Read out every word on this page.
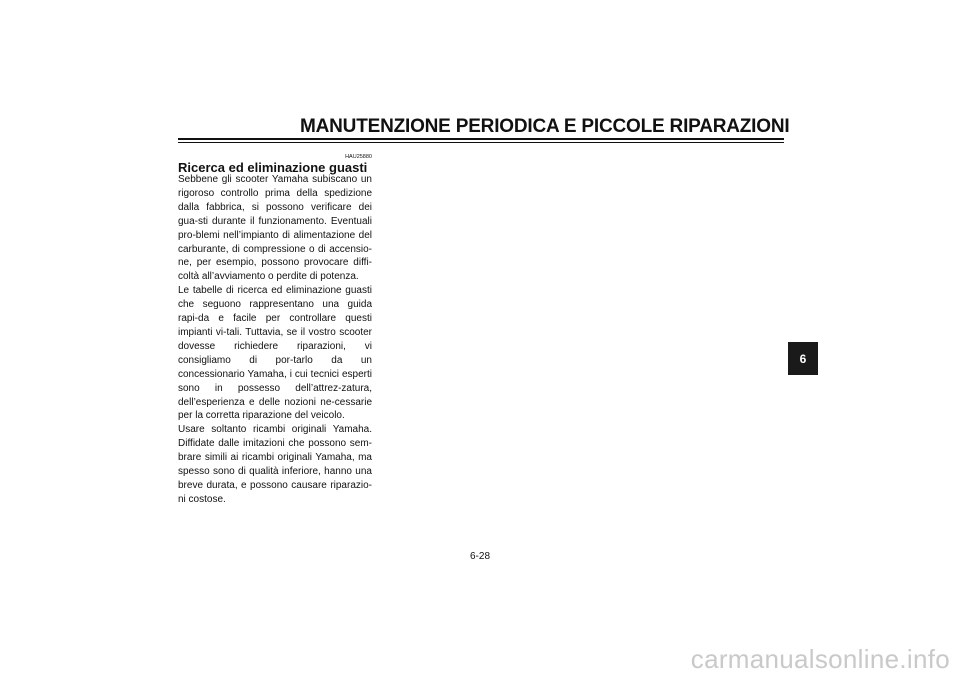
MANUTENZIONE PERIODICA E PICCOLE RIPARAZIONI
HAU25880
Ricerca ed eliminazione guasti

Sebbene gli scooter Yamaha subiscano un rigoroso controllo prima della spedizione dalla fabbrica, si possono verificare dei gua-sti durante il funzionamento. Eventuali pro-blemi nell’impianto di alimentazione del carburante, di compressione o di accensio-ne, per esempio, possono provocare diffi-coltà all’avviamento o perdite di potenza.

Le tabelle di ricerca ed eliminazione guasti che seguono rappresentano una guida rapi-da e facile per controllare questi impianti vi-tali. Tuttavia, se il vostro scooter dovesse richiedere riparazioni, vi consigliamo di por-tarlo da un concessionario Yamaha, i cui tecnici esperti sono in possesso dell’attrez-zatura, dell’esperienza e delle nozioni ne-cessarie per la corretta riparazione del veicolo.

Usare soltanto ricambi originali Yamaha. Diffidate dalle imitazioni che possono sem-brare simili ai ricambi originali Yamaha, ma spesso sono di qualità inferiore, hanno una breve durata, e possono causare riparazio-ni costose.

6
6-28
carmanualsonline.info
